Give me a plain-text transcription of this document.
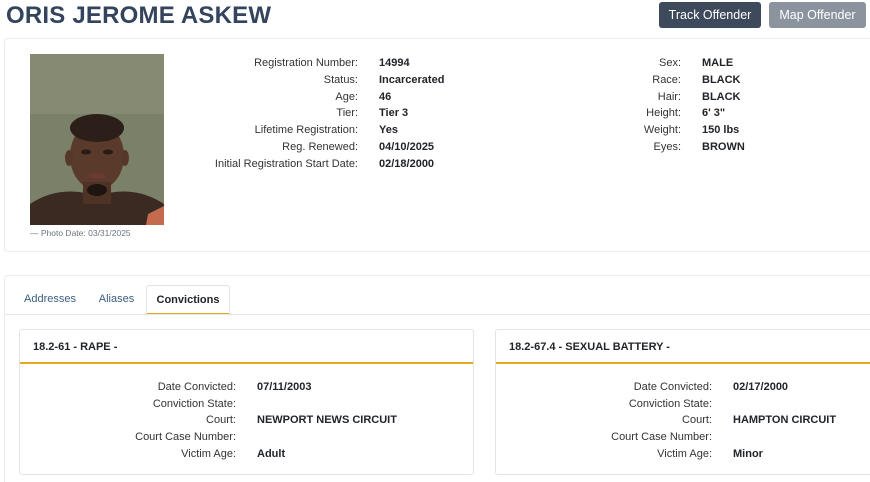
ORIS JEROME ASKEW	Track Offender	Map Offender
— Photo Date: 03/31/2025
Registration Number: 14994
Status: Incarcerated
Age: 46
Tier: Tier 3
Lifetime Registration: Yes
Reg. Renewed: 04/10/2025
Initial Registration Start Date: 02/18/2000
Sex: MALE
Race: BLACK
Hair: BLACK
Height: 6' 3"
Weight: 150 lbs
Eyes: BROWN
Addresses	Aliases	Convictions
18.2-61 - RAPE -
Date Convicted: 07/11/2003
Conviction State:
Court: NEWPORT NEWS CIRCUIT
Court Case Number:
Victim Age: Adult
18.2-67.4 - SEXUAL BATTERY -
Date Convicted: 02/17/2000
Conviction State:
Court: HAMPTON CIRCUIT
Court Case Number:
Victim Age: Minor
